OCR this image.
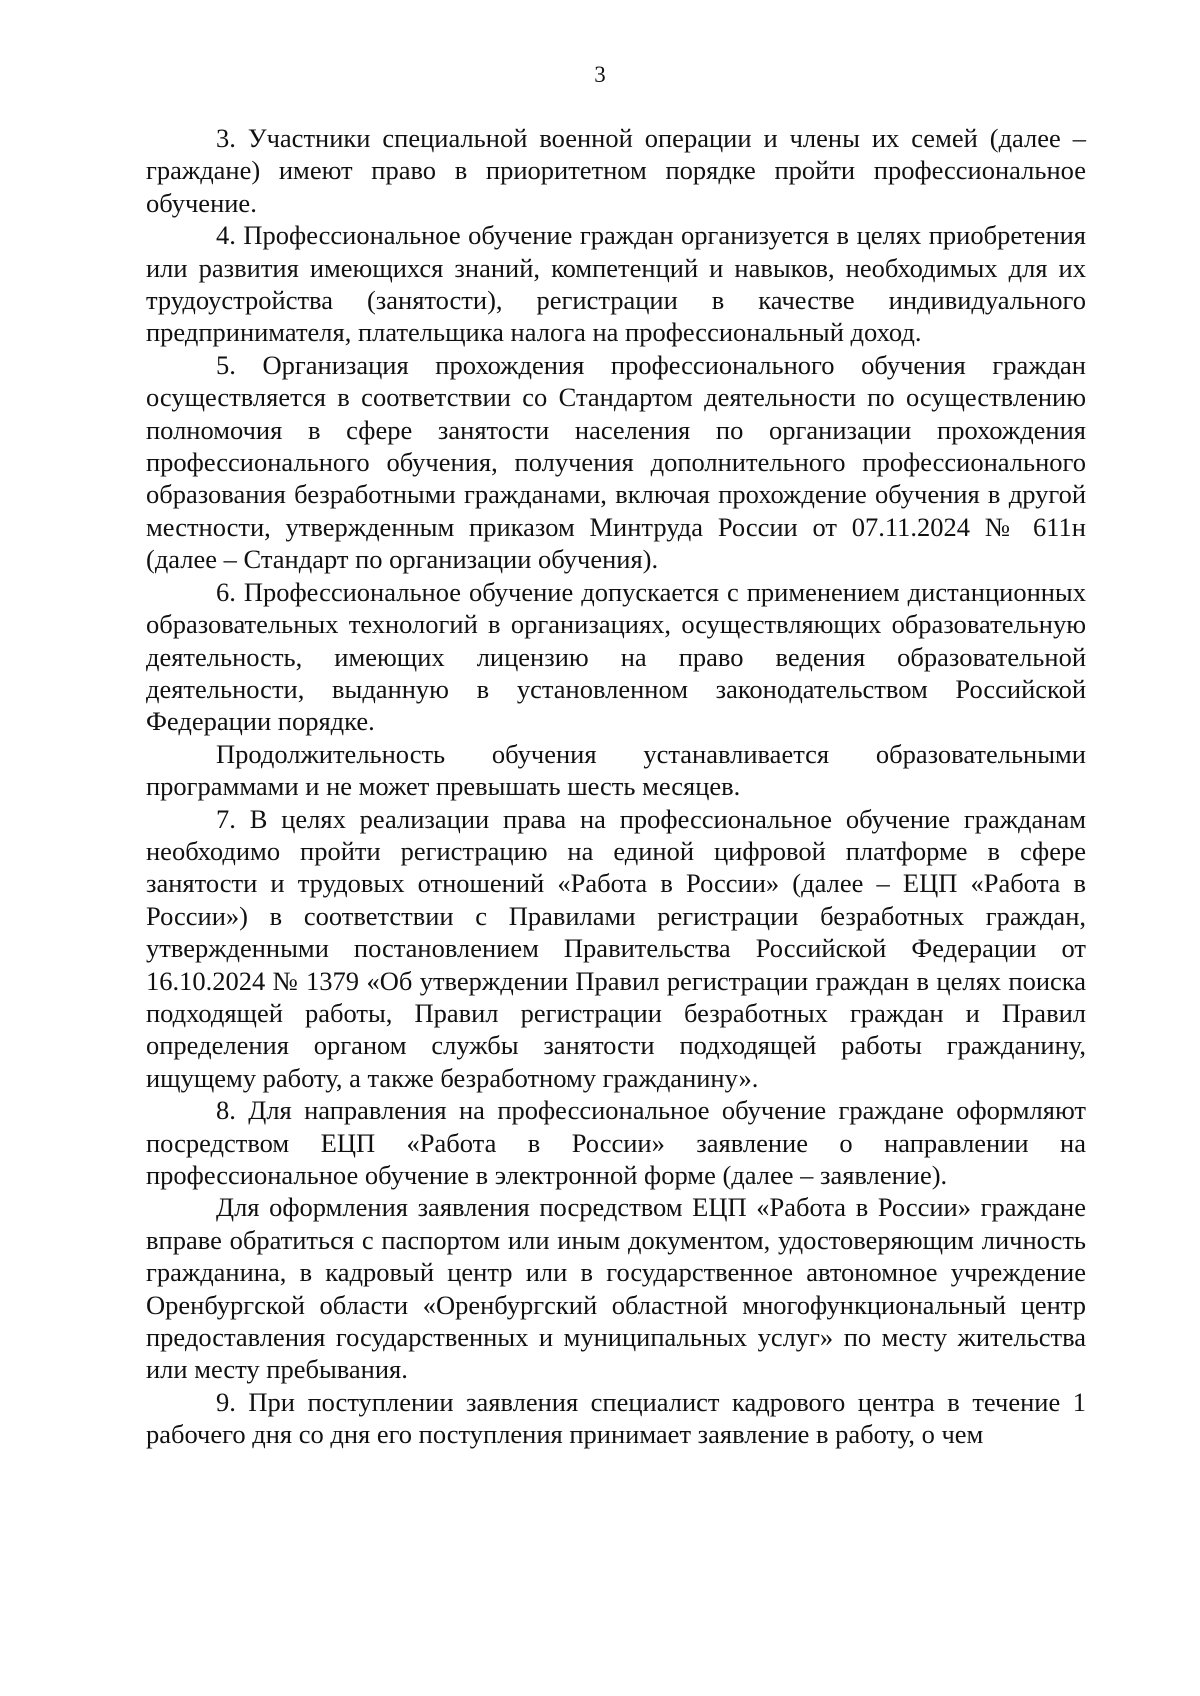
3

3. Участники специальной военной операции и члены их семей (далее – граждане) имеют право в приоритетном порядке пройти профессиональное обучение.

4. Профессиональное обучение граждан организуется в целях приобретения или развития имеющихся знаний, компетенций и навыков, необходимых для их трудоустройства (занятости), регистрации в качестве индивидуального предпринимателя, плательщика налога на профессиональный доход.

5. Организация прохождения профессионального обучения граждан осуществляется в соответствии со Стандартом деятельности по осуществлению полномочия в сфере занятости населения по организации прохождения профессионального обучения, получения дополнительного профессионального образования безработными гражданами, включая прохождение обучения в другой местности, утвержденным приказом Минтруда России от 07.11.2024 № 611н (далее – Стандарт по организации обучения).

6. Профессиональное обучение допускается с применением дистанционных образовательных технологий в организациях, осуществляющих образовательную деятельность, имеющих лицензию на право ведения образовательной деятельности, выданную в установленном законодательством Российской Федерации порядке.

Продолжительность обучения устанавливается образовательными программами и не может превышать шесть месяцев.

7. В целях реализации права на профессиональное обучение гражданам необходимо пройти регистрацию на единой цифровой платформе в сфере занятости и трудовых отношений «Работа в России» (далее – ЕЦП «Работа в России») в соответствии с Правилами регистрации безработных граждан, утвержденными постановлением Правительства Российской Федерации от 16.10.2024 № 1379 «Об утверждении Правил регистрации граждан в целях поиска подходящей работы, Правил регистрации безработных граждан и Правил определения органом службы занятости подходящей работы гражданину, ищущему работу, а также безработному гражданину».

8. Для направления на профессиональное обучение граждане оформляют посредством ЕЦП «Работа в России» заявление о направлении на профессиональное обучение в электронной форме (далее – заявление).

Для оформления заявления посредством ЕЦП «Работа в России» граждане вправе обратиться с паспортом или иным документом, удостоверяющим личность гражданина, в кадровый центр или в государственное автономное учреждение Оренбургской области «Оренбургский областной многофункциональный центр предоставления государственных и муниципальных услуг» по месту жительства или месту пребывания.

9. При поступлении заявления специалист кадрового центра в течение 1 рабочего дня со дня его поступления принимает заявление в работу, о чем
